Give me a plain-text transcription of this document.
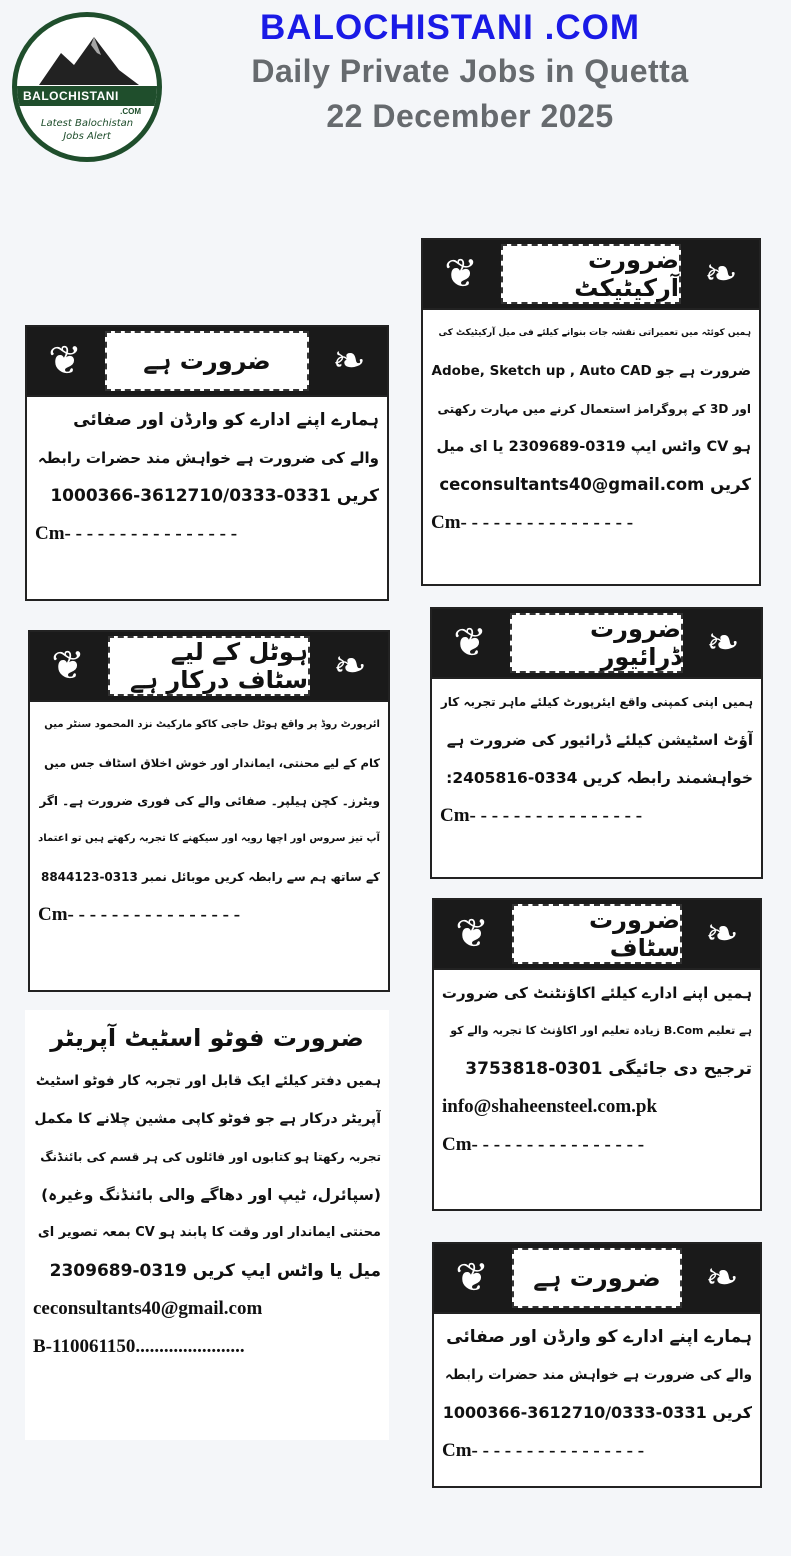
BALOCHISTANI
.COM
Latest Balochistan
Jobs Alert
BALOCHISTANI .COM
Daily Private Jobs in Quetta
22 December 2025
❦	ضرورت ہے	❧
ہمارے اپنے ادارے کو وارڈن اور صفائی
والے کی ضرورت ہے خواہش مند حضرات رابطہ
کریں 0331-3612710/0333-1000366
Cm- - - - - - - - - - - - - - - -
❦	ضرورت آرکیٹیکٹ ❧
ہمیں کوئٹہ میں تعمیراتی نقشہ جات بنوانے کیلئے فی میل آرکیٹیکٹ کی
ضرورت ہے جو Adobe, Sketch up , Auto CAD
اور 3D کے پروگرامز استعمال کرنے میں مہارت رکھتی
ہو CV واٹس ایپ 0319-2309689 یا ای میل
کریں ceconsultants40@gmail.com
Cm- - - - - - - - - - - - - - - -
❦	ہوٹل کے لیے سٹاف درکار ہے ❧
ائرپورٹ روڈ پر واقع ہوٹل حاجی کاکو مارکیٹ نزد المحمود سنٹر میں
کام کے لیے محنتی، ایماندار اور خوش اخلاق اسٹاف جس میں
ویٹرز۔ کچن ہیلپر۔ صفائی والے کی فوری ضرورت ہے۔ اگر
آپ تیز سروس اور اچھا رویہ اور سیکھنے کا تجربہ رکھتے ہیں تو اعتماد
کے ساتھ ہم سے رابطہ کریں موبائل نمبر 0313-8844123
Cm- - - - - - - - - - - - - - - -
❦	ضرورت ڈرائیور ❧
ہمیں اپنی کمپنی واقع ایئرپورٹ کیلئے ماہر تجربہ کار
آؤٹ اسٹیشن کیلئے ڈرائیور کی ضرورت ہے
خواہشمند رابطہ کریں 0334-2405816:
Cm- - - - - - - - - - - - - - - -
ضرورت فوٹو اسٹیٹ آپریٹر
ہمیں دفتر کیلئے ایک قابل اور تجربہ کار فوٹو اسٹیٹ
آپریٹر درکار ہے جو فوٹو کاپی مشین چلانے کا مکمل
تجربہ رکھتا ہو کتابوں اور فائلوں کی ہر قسم کی بائنڈنگ
(سپائرل، ٹیپ اور دھاگے والی بائنڈنگ وغیرہ)
محنتی ایماندار اور وقت کا پابند ہو CV بمعہ تصویر ای
میل یا واٹس ایپ کریں 0319-2309689
ceconsultants40@gmail.com
B-110061150.......................
❦	ضرورت سٹاف ❧
ہمیں اپنے ادارے کیلئے اکاؤنٹنٹ کی ضرورت
ہے تعلیم B.Com زیادہ تعلیم اور اکاؤنٹ کا تجربہ والے کو
ترجیح دی جائیگی 0301-3753818
info@shaheensteel.com.pk
Cm- - - - - - - - - - - - - - - -
❦	ضرورت ہے	❧
ہمارے اپنے ادارے کو وارڈن اور صفائی
والے کی ضرورت ہے خواہش مند حضرات رابطہ
کریں 0331-3612710/0333-1000366
Cm- - - - - - - - - - - - - - - -
